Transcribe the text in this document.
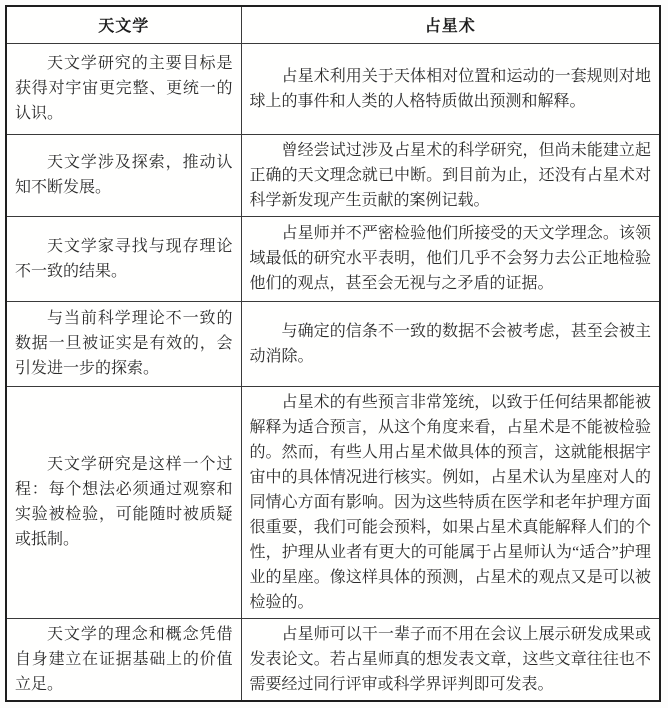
天文学	占星术

天文学研究的主要目标是获得对宇宙更完整、更统一的认识。	占星术利用关于天体相对位置和运动的一套规则对地球上的事件和人类的人格特质做出预测和解释。

天文学涉及探索，推动认知不断发展。	曾经尝试过涉及占星术的科学研究，但尚未能建立起正确的天文理念就已中断。到目前为止，还没有占星术对科学新发现产生贡献的案例记载。

天文学家寻找与现存理论不一致的结果。	占星师并不严密检验他们所接受的天文学理念。该领域最低的研究水平表明，他们几乎不会努力去公正地检验他们的观点，甚至会无视与之矛盾的证据。

与当前科学理论不一致的数据一旦被证实是有效的，会引发进一步的探索。	与确定的信条不一致的数据不会被考虑，甚至会被主动消除。

天文学研究是这样一个过程：每个想法必须通过观察和实验被检验，可能随时被质疑或抵制。	占星术的有些预言非常笼统，以致于任何结果都能被解释为适合预言，从这个角度来看，占星术是不能被检验的。然而，有些人用占星术做具体的预言，这就能根据宇宙中的具体情况进行核实。例如，占星术认为星座对人的同情心方面有影响。因为这些特质在医学和老年护理方面很重要，我们可能会预料，如果占星术真能解释人们的个性，护理从业者有更大的可能属于占星师认为“适合”护理业的星座。像这样具体的预测，占星术的观点又是可以被检验的。

天文学的理念和概念凭借自身建立在证据基础上的价值立足。	占星师可以干一辈子而不用在会议上展示研发成果或发表论文。若占星师真的想发表文章，这些文章往往也不需要经过同行评审或科学界评判即可发表。
